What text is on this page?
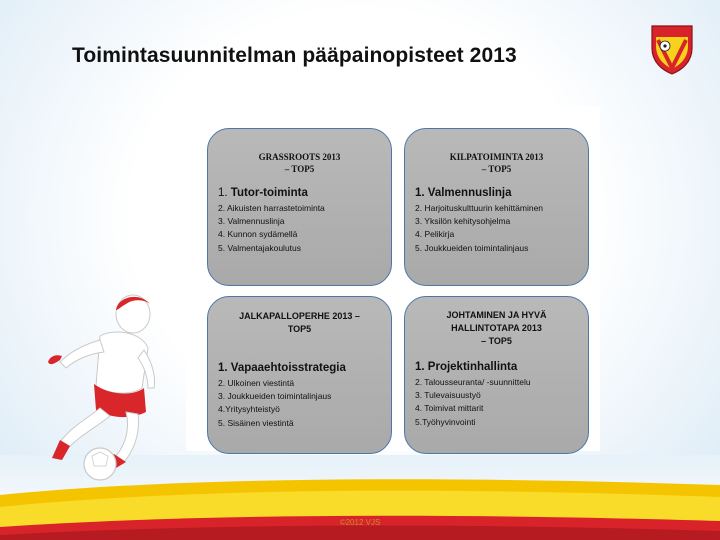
Toimintasuunnitelman pääpainopisteet 2013
GRASSROOTS 2013
– TOP5
1. Tutor-toiminta
2. Aikuisten harrastetoiminta
3. Valmennuslinja
4. Kunnon sydämellä
5. Valmentajakoulutus
KILPATOIMINTA 2013
– TOP5
1. Valmennuslinja
2. Harjoituskulttuurin kehittäminen
3. Yksilön kehitysohjelma
4. Pelikirja
5. Joukkueiden toimintalinjaus
JALKAPALLOPERHE 2013 –
TOP5
1. Vapaaehtoisstrategia
2. Ulkoinen viestintä
3. Joukkueiden toimintalinjaus
4.Yritysyhteistyö
5. Sisäinen viestintä
JOHTAMINEN JA HYVÄ
HALLINTOTAPA 2013
– TOP5
1. Projektinhallinta
2. Talousseuranta/ -suunnittelu
3. Tulevaisuustyö
4. Toimivat mittarit
5.Työhyvinvointi
©2012 VJS
